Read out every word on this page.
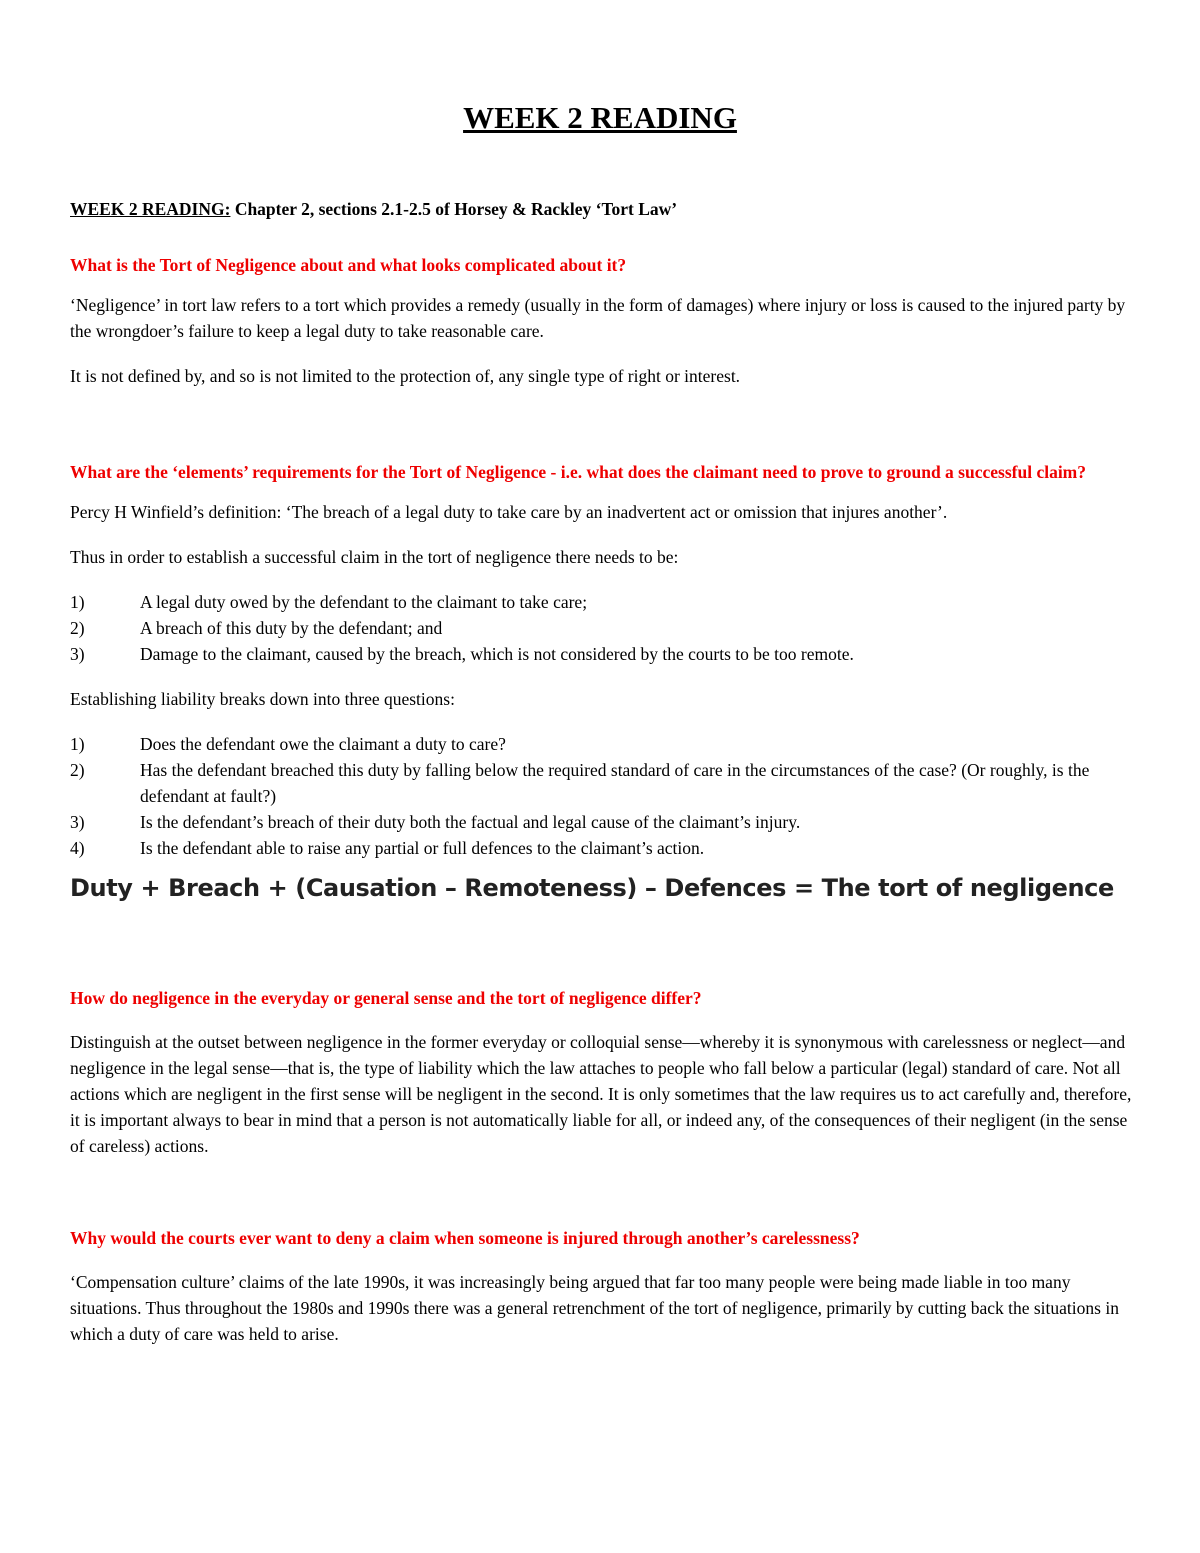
WEEK 2 READING
WEEK 2 READING: Chapter 2, sections 2.1-2.5 of Horsey & Rackley ‘Tort Law’
What is the Tort of Negligence about and what looks complicated about it?

‘Negligence’ in tort law refers to a tort which provides a remedy (usually in the form of damages) where injury or loss is caused to the injured party by the wrongdoer’s failure to keep a legal duty to take reasonable care.

It is not defined by, and so is not limited to the protection of, any single type of right or interest.

What are the ‘elements’ requirements for the Tort of Negligence - i.e. what does the claimant need to prove to ground a successful claim?

Percy H Winfield’s definition: ‘The breach of a legal duty to take care by an inadvertent act or omission that injures another’.

Thus in order to establish a successful claim in the tort of negligence there needs to be:

1)	A legal duty owed by the defendant to the claimant to take care;
2)	A breach of this duty by the defendant; and
3)	Damage to the claimant, caused by the breach, which is not considered by the courts to be too remote.

Establishing liability breaks down into three questions:

1)	Does the defendant owe the claimant a duty to care?
2)	Has the defendant breached this duty by falling below the required standard of care in the circumstances of the case? (Or roughly, is the defendant at fault?)
3)	Is the defendant’s breach of their duty both the factual and legal cause of the claimant’s injury.
4)	Is the defendant able to raise any partial or full defences to the claimant’s action.
Duty + Breach + (Causation – Remoteness) – Defences = The tort of negligence
How do negligence in the everyday or general sense and the tort of negligence differ?

Distinguish at the outset between negligence in the former everyday or colloquial sense—whereby it is synonymous with carelessness or neglect—and negligence in the legal sense—that is, the type of liability which the law attaches to people who fall below a particular (legal) standard of care. Not all actions which are negligent in the first sense will be negligent in the second. It is only sometimes that the law requires us to act carefully and, therefore, it is important always to bear in mind that a person is not automatically liable for all, or indeed any, of the consequences of their negligent (in the sense of careless) actions.

Why would the courts ever want to deny a claim when someone is injured through another’s carelessness?

‘Compensation culture’ claims of the late 1990s, it was increasingly being argued that far too many people were being made liable in too many situations. Thus throughout the 1980s and 1990s there was a general retrenchment of the tort of negligence, primarily by cutting back the situations in which a duty of care was held to arise.
